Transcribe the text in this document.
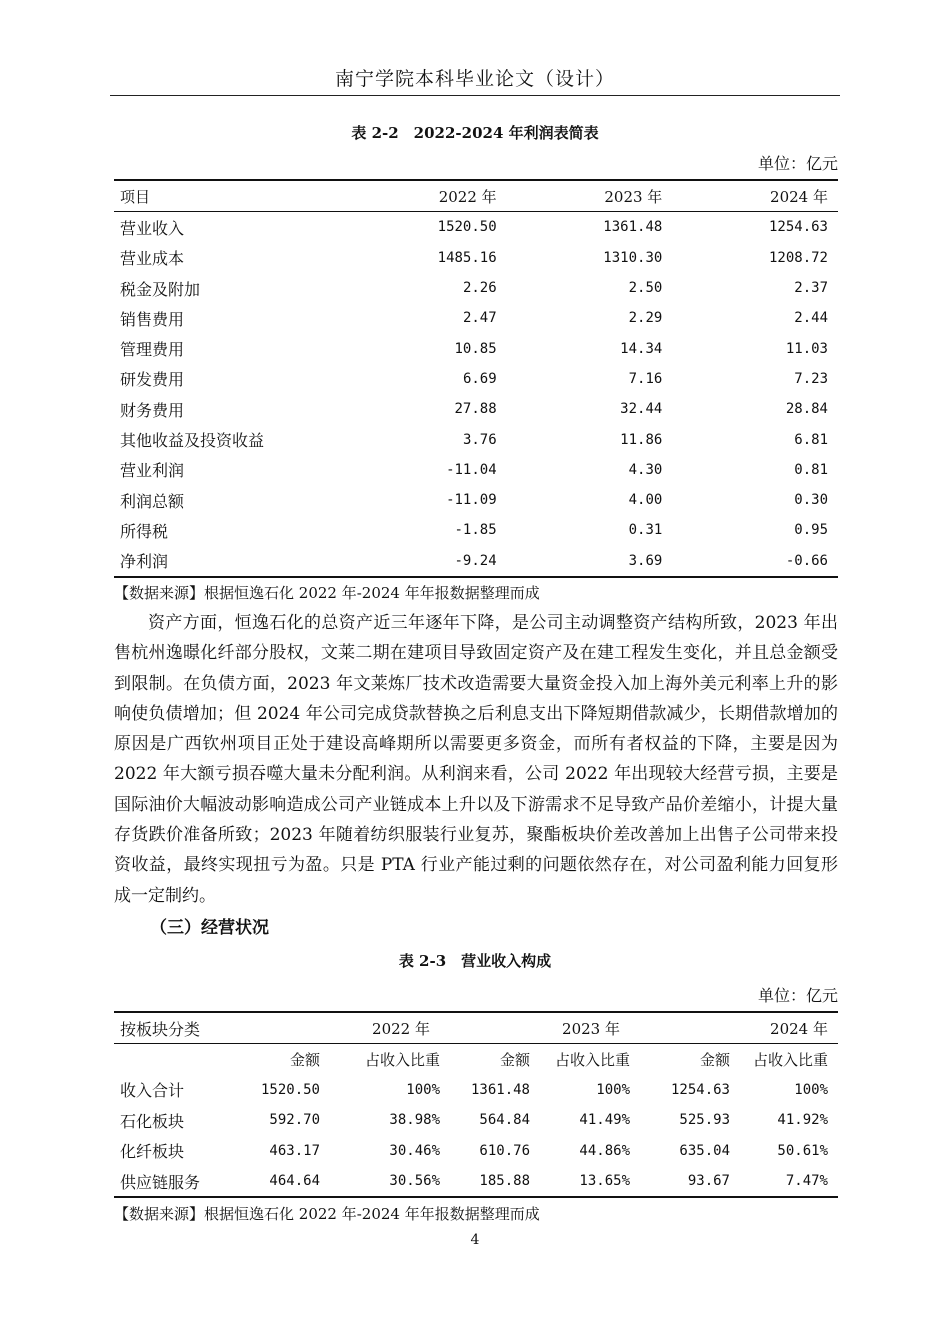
南宁学院本科毕业论文（设计）
表 2-2　2022-2024 年利润表简表
单位：亿元
项目	2022 年	2023 年	2024 年
营业收入	1520.50	1361.48	1254.63
营业成本	1485.16	1310.30	1208.72
税金及附加	2.26	2.50	2.37
销售费用	2.47	2.29	2.44
管理费用	10.85	14.34	11.03
研发费用	6.69	7.16	7.23
财务费用	27.88	32.44	28.84
其他收益及投资收益	3.76	11.86	6.81
营业利润	-11.04	4.30	0.81
利润总额	-11.09	4.00	0.30
所得税	-1.85	0.31	0.95
净利润	-9.24	3.69	-0.66
【数据来源】根据恒逸石化 2022 年-2024 年年报数据整理而成

资产方面，恒逸石化的总资产近三年逐年下降，是公司主动调整资产结构所致，2023 年出售杭州逸暻化纤部分股权，文莱二期在建项目导致固定资产及在建工程发生变化，并且总金额受到限制。在负债方面，2023 年文莱炼厂技术改造需要大量资金投入加上海外美元利率上升的影响使负债增加；但 2024 年公司完成贷款替换之后利息支出下降短期借款减少，长期借款增加的原因是广西钦州项目正处于建设高峰期所以需要更多资金，而所有者权益的下降，主要是因为 2022 年大额亏损吞噬大量未分配利润。从利润来看，公司 2022 年出现较大经营亏损，主要是国际油价大幅波动影响造成公司产业链成本上升以及下游需求不足导致产品价差缩小，计提大量存货跌价准备所致；2023 年随着纺织服装行业复苏，聚酯板块价差改善加上出售子公司带来投资收益，最终实现扭亏为盈。只是 PTA 行业产能过剩的问题依然存在，对公司盈利能力回复形成一定制约。

（三）经营状况
表 2-3　营业收入构成
单位：亿元
按板块分类	2022 年		2023 年		2024 年	
	金额	占收入比重	金额	占收入比重	金额	占收入比重
收入合计	1520.50	100%	1361.48	100%	1254.63	100%
石化板块	592.70	38.98%	564.84	41.49%	525.93	41.92%
化纤板块	463.17	30.46%	610.76	44.86%	635.04	50.61%
供应链服务	464.64	30.56%	185.88	13.65%	93.67	7.47%
【数据来源】根据恒逸石化 2022 年-2024 年年报数据整理而成
4
